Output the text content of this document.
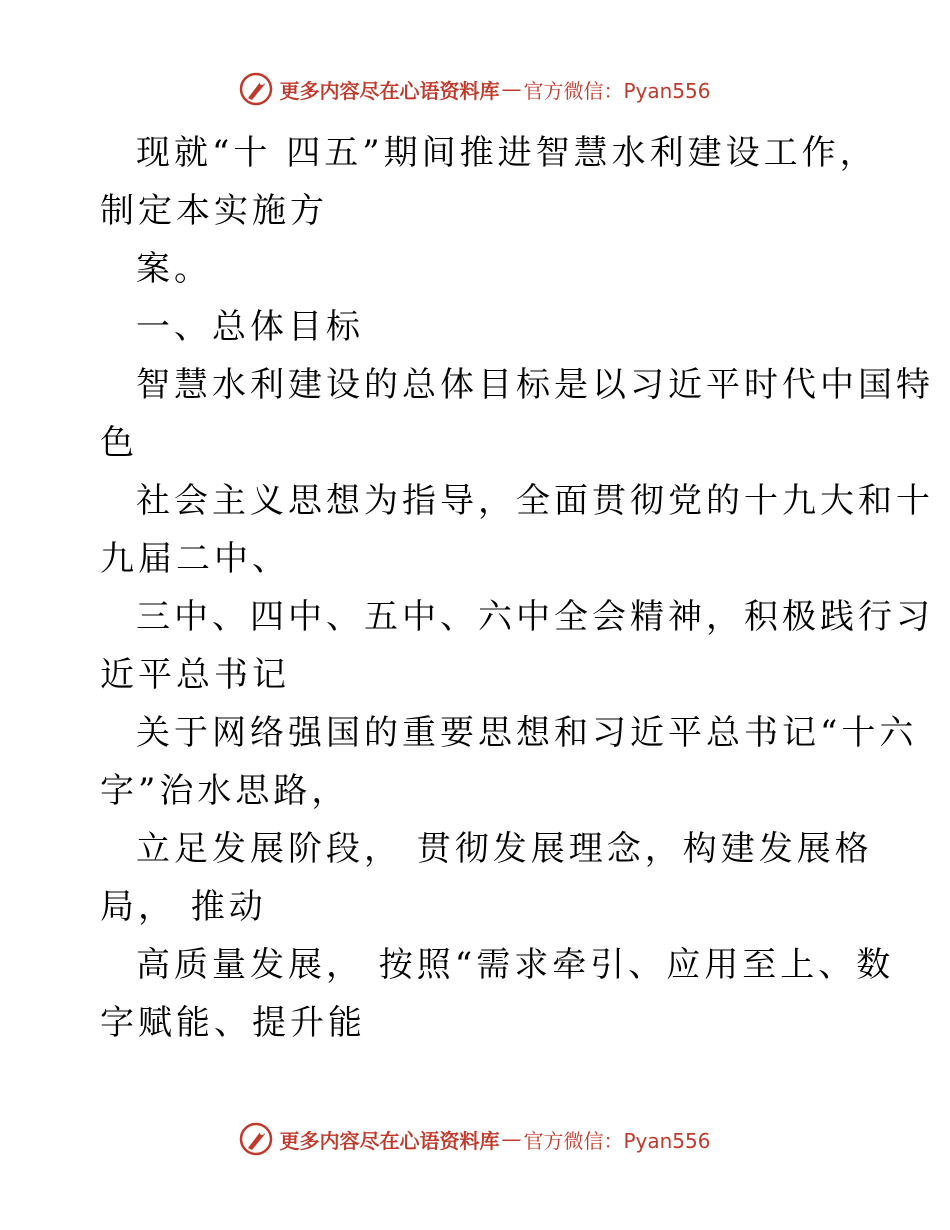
更多内容尽在心语资料库 — 官方微信：Pyan556
现就“十 四五”期间推进智慧水利建设工作，
制定本实施方
案。
一、总体目标
智慧水利建设的总体目标是以习近平时代中国特
色
社会主义思想为指导，全面贯彻党的十九大和十
九届二中、
三中、四中、五中、六中全会精神，积极践行习
近平总书记
关于网络强国的重要思想和习近平总书记“十六
字”治水思路，
立足发展阶段， 贯彻发展理念，构建发展格
局， 推动
高质量发展， 按照“需求牵引、应用至上、数
字赋能、提升能
更多内容尽在心语资料库 — 官方微信：Pyan556
